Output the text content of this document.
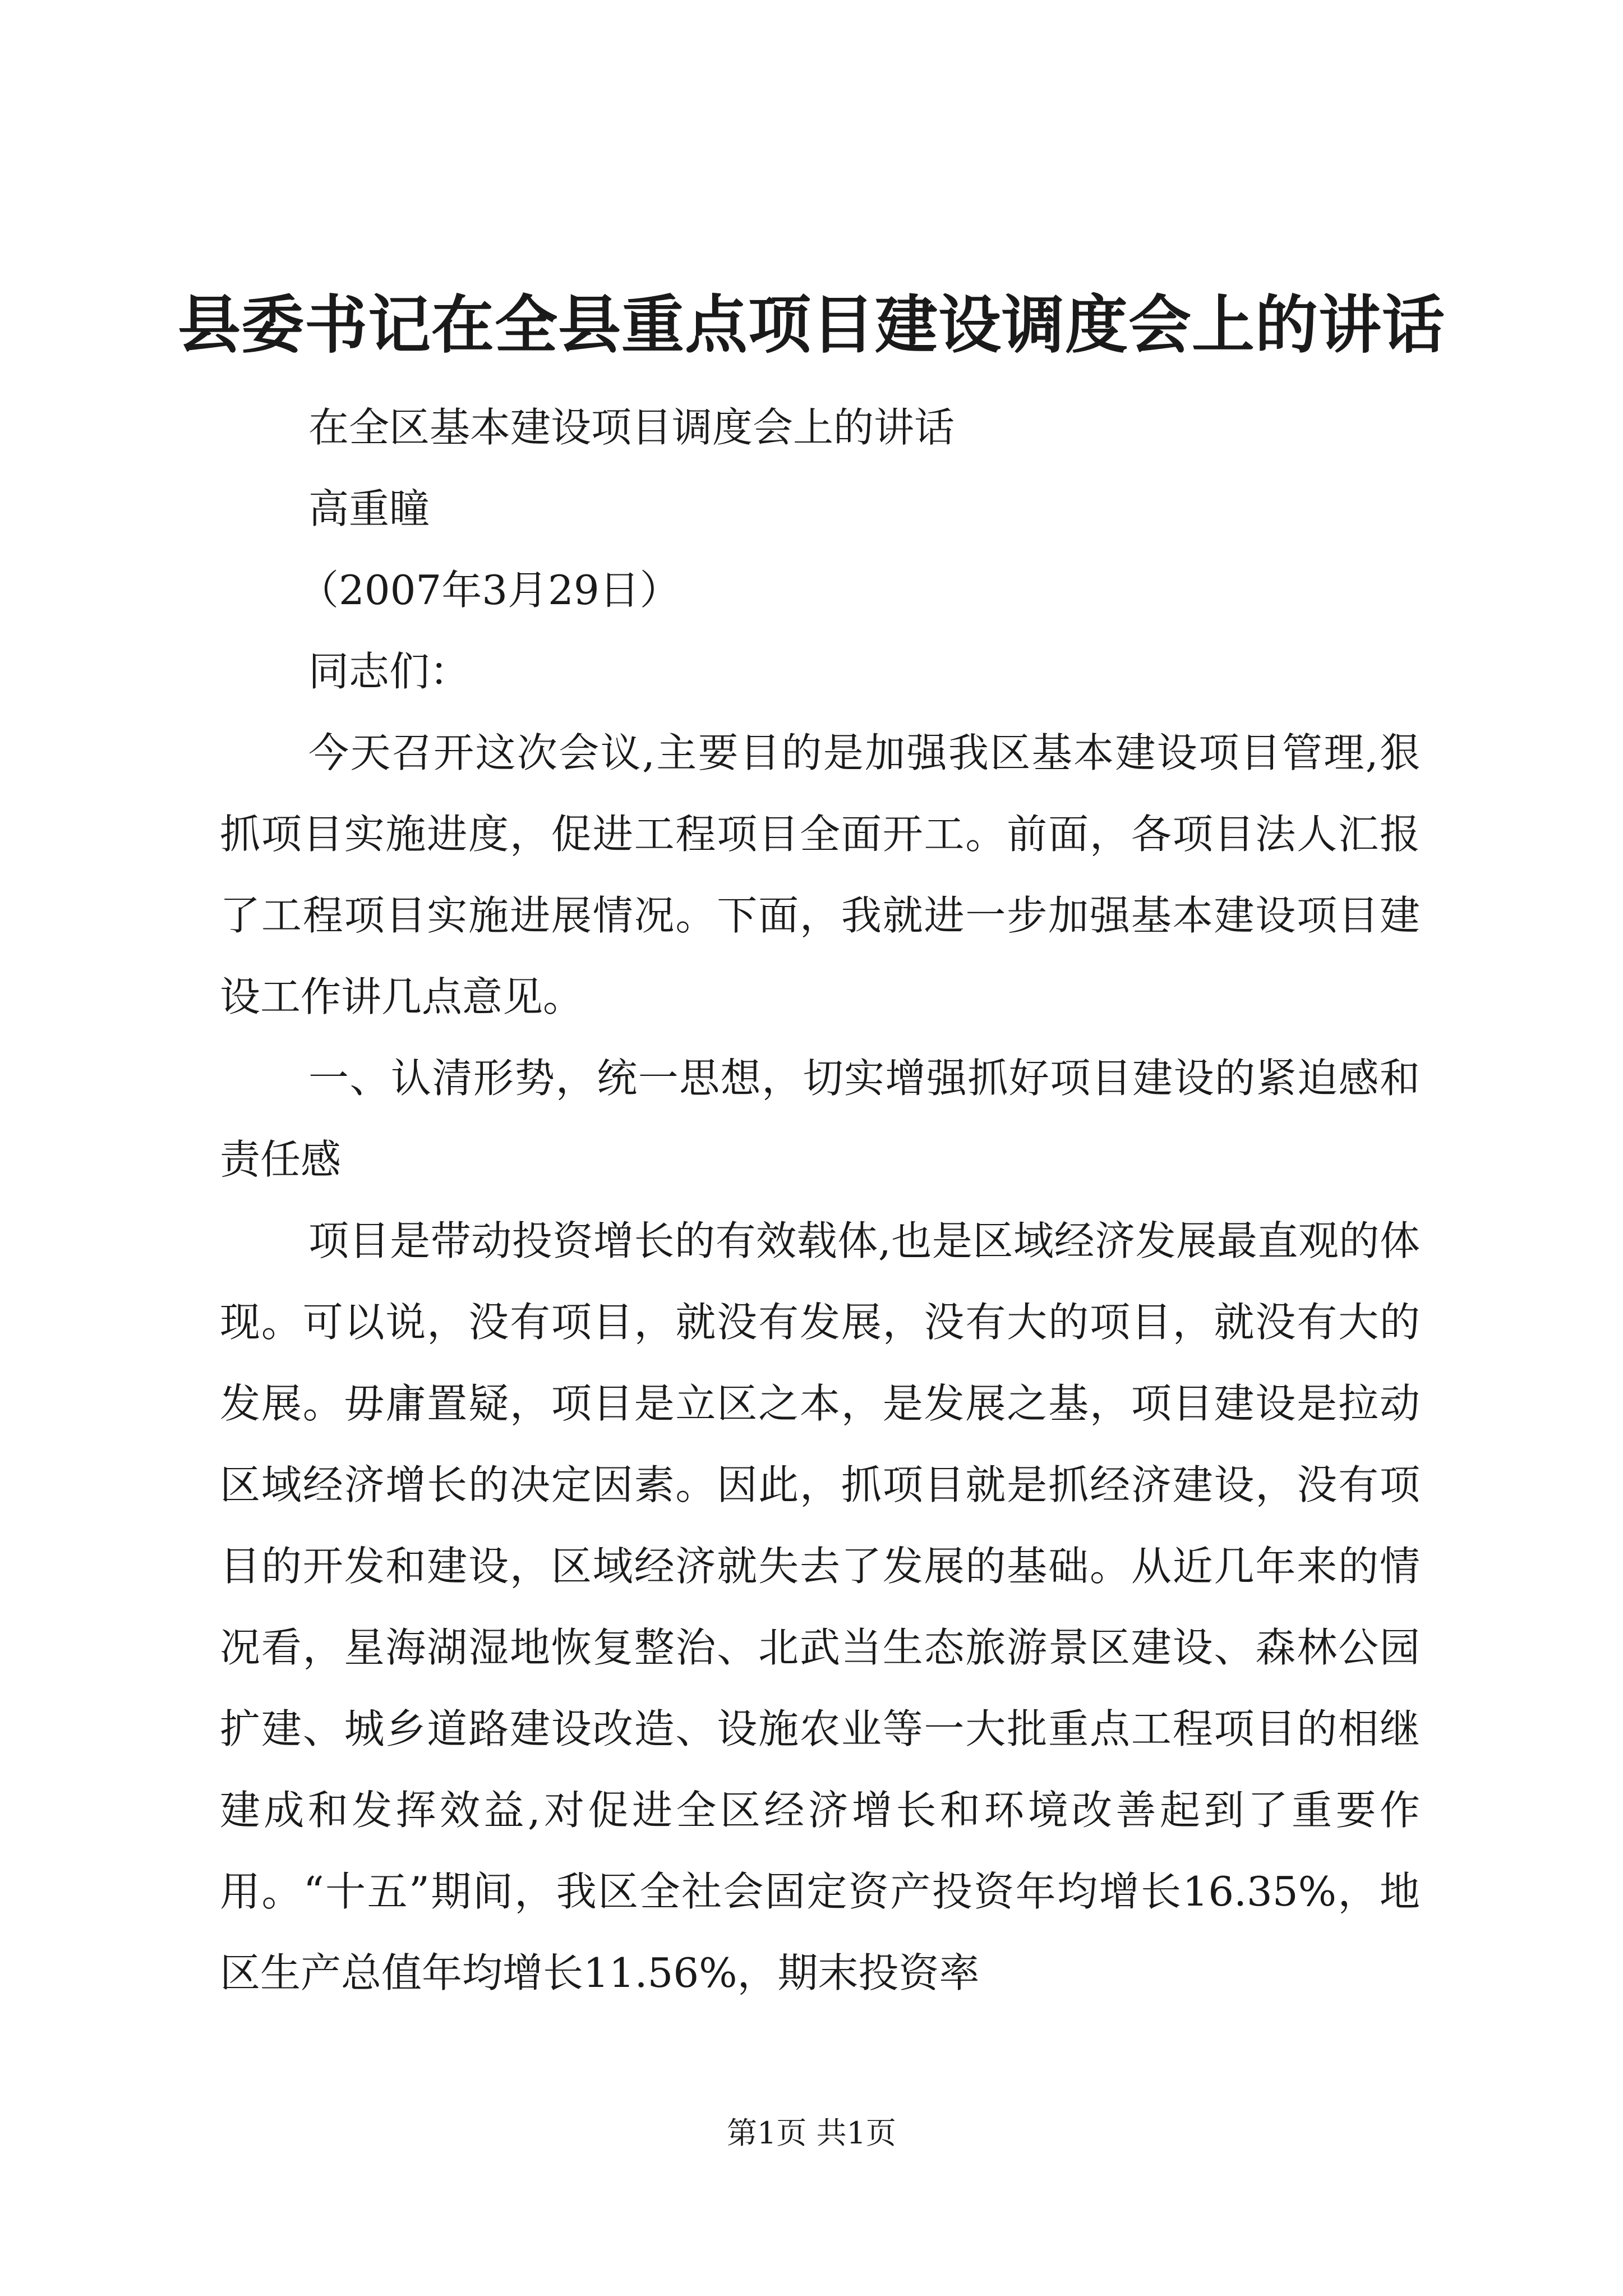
县委书记在全县重点项目建设调度会上的讲话

在全区基本建设项目调度会上的讲话

高重瞳

（2007年3月29日）

同志们：

今天召开这次会议,主要目的是加强我区基本建设项目管理,狠抓项目实施进度，促进工程项目全面开工。前面，各项目法人汇报了工程项目实施进展情况。下面，我就进一步加强基本建设项目建设工作讲几点意见。

一、认清形势，统一思想，切实增强抓好项目建设的紧迫感和责任感

项目是带动投资增长的有效载体,也是区域经济发展最直观的体现。可以说，没有项目，就没有发展，没有大的项目，就没有大的发展。毋庸置疑，项目是立区之本，是发展之基，项目建设是拉动区域经济增长的决定因素。因此，抓项目就是抓经济建设，没有项目的开发和建设，区域经济就失去了发展的基础。从近几年来的情况看，星海湖湿地恢复整治、北武当生态旅游景区建设、森林公园扩建、城乡道路建设改造、设施农业等一大批重点工程项目的相继建成和发挥效益,对促进全区经济增长和环境改善起到了重要作用。“十五”期间，我区全社会固定资产投资年均增长16.35%，地区生产总值年均增长11.56%，期末投资率

第1页 共1页
